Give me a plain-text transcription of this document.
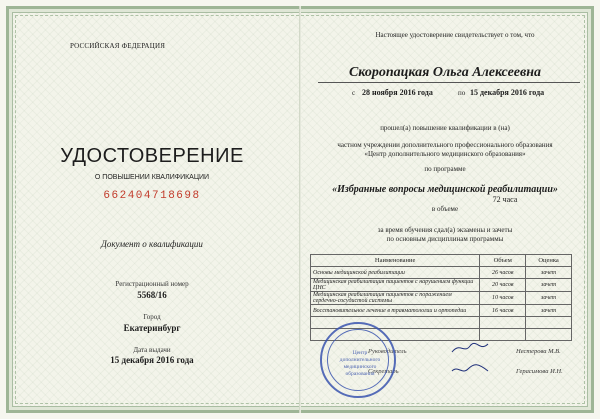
РОССИЙСКАЯ ФЕДЕРАЦИЯ
УДОСТОВЕРЕНИЕ
О ПОВЫШЕНИИ КВАЛИФИКАЦИИ
662404718698
Документ о квалификации
Регистрационный номер
5568/16
Город
Екатеринбург
Дата выдачи
15 декабря 2016 года
Настоящее удостоверение свидетельствует о том, что
Скоропацкая Ольга Алексеевна
с 28 ноября 2016 года	по 15 декабря 2016 года
прошел(а) повышение квалификации в (на)
частном учреждении дополнительного профессионального образования
«Центр дополнительного медицинского образования»
по программе
«Избранные вопросы медицинской реабилитации»
72 часа
в объеме
за время обучения сдал(а) экзамены и зачеты
по основным дисциплинам программы
Наименование	Объем	Оценка
Основы медицинской реабилитации	26 часов	зачет
Медицинская реабилитация пациентов с нарушением функции ЦНС	20 часов	зачет
Медицинская реабилитация пациентов с поражением сердечно-сосудистой системы	10 часов	зачет
Восстановительное лечение в травматологии и ортопедии	16 часов	зачет

Руководитель	Нестерова М.В.
Секретарь	Герасимова И.Н.
Центр дополнительного медицинского образования
